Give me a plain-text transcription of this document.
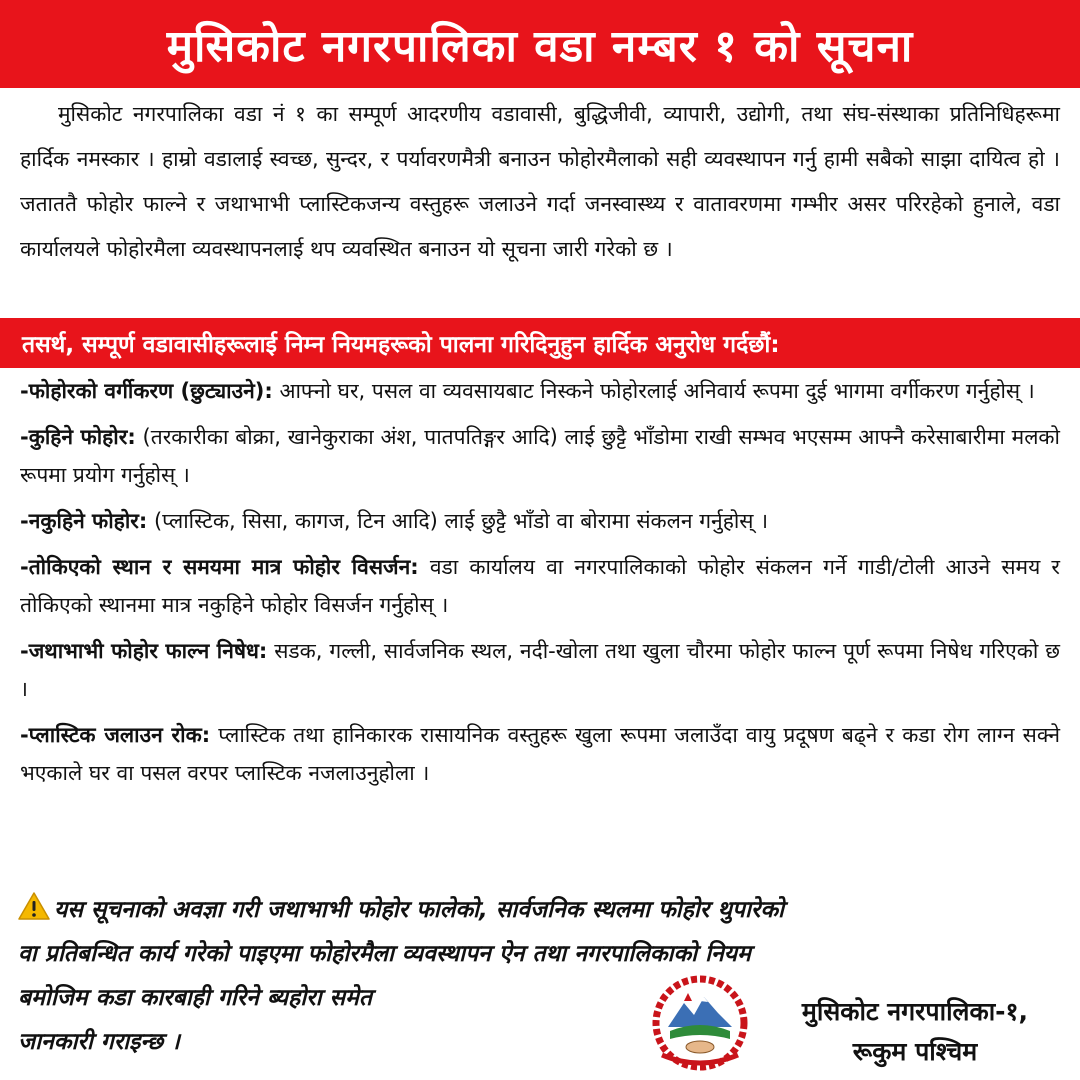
मुसिकोट नगरपालिका वडा नम्बर १ को सूचना

मुसिकोट नगरपालिका वडा नं १ का सम्पूर्ण आदरणीय वडावासी, बुद्धिजीवी, व्यापारी, उद्योगी, तथा संघ-संस्थाका प्रतिनिधिहरूमा हार्दिक नमस्कार । हाम्रो वडालाई स्वच्छ, सुन्दर, र पर्यावरणमैत्री बनाउन फोहोरमैलाको सही व्यवस्थापन गर्नु हामी सबैको साझा दायित्व हो । जताततै फोहोर फाल्ने र जथाभाभी प्लास्टिकजन्य वस्तुहरू जलाउने गर्दा जनस्वास्थ्य र वातावरणमा गम्भीर असर परिरहेको हुनाले, वडा कार्यालयले फोहोरमैला व्यवस्थापनलाई थप व्यवस्थित बनाउन यो सूचना जारी गरेको छ ।

तसर्थ, सम्पूर्ण वडावासीहरूलाई निम्न नियमहरूको पालना गरिदिनुहुन हार्दिक अनुरोध गर्दछौं:

-फोहोरको वर्गीकरण (छुट्याउने): आफ्नो घर, पसल वा व्यवसायबाट निस्कने फोहोरलाई अनिवार्य रूपमा दुई भागमा वर्गीकरण गर्नुहोस् ।

-कुहिने फोहोर: (तरकारीका बोक्रा, खानेकुराका अंश, पातपतिङ्गर आदि) लाई छुट्टै भाँडोमा राखी सम्भव भएसम्म आफ्नै करेसाबारीमा मलको रूपमा प्रयोग गर्नुहोस् ।

-नकुहिने फोहोर: (प्लास्टिक, सिसा, कागज, टिन आदि) लाई छुट्टै भाँडो वा बोरामा संकलन गर्नुहोस् ।

-तोकिएको स्थान र समयमा मात्र फोहोर विसर्जन: वडा कार्यालय वा नगरपालिकाको फोहोर संकलन गर्ने गाडी/टोली आउने समय र तोकिएको स्थानमा मात्र नकुहिने फोहोर विसर्जन गर्नुहोस् ।

-जथाभाभी फोहोर फाल्न निषेध: सडक, गल्ली, सार्वजनिक स्थल, नदी-खोला तथा खुला चौरमा फोहोर फाल्न पूर्ण रूपमा निषेध गरिएको छ ।

-प्लास्टिक जलाउन रोक: प्लास्टिक तथा हानिकारक रासायनिक वस्तुहरू खुला रूपमा जलाउँदा वायु प्रदूषण बढ्ने र कडा रोग लाग्न सक्ने भएकाले घर वा पसल वरपर प्लास्टिक नजलाउनुहोला ।

यस सूचनाको अवज्ञा गरी जथाभाभी फोहोर फालेको, सार्वजनिक स्थलमा फोहोर थुपारेको
वा प्रतिबन्धित कार्य गरेको पाइएमा फोहोरमैला व्यवस्थापन ऐन तथा नगरपालिकाको नियम
बमोजिम कडा कारबाही गरिने ब्यहोरा समेत
जानकारी गराइन्छ ।
मुसिकोट नगरपालिका-१,
रूकुम पश्चिम
